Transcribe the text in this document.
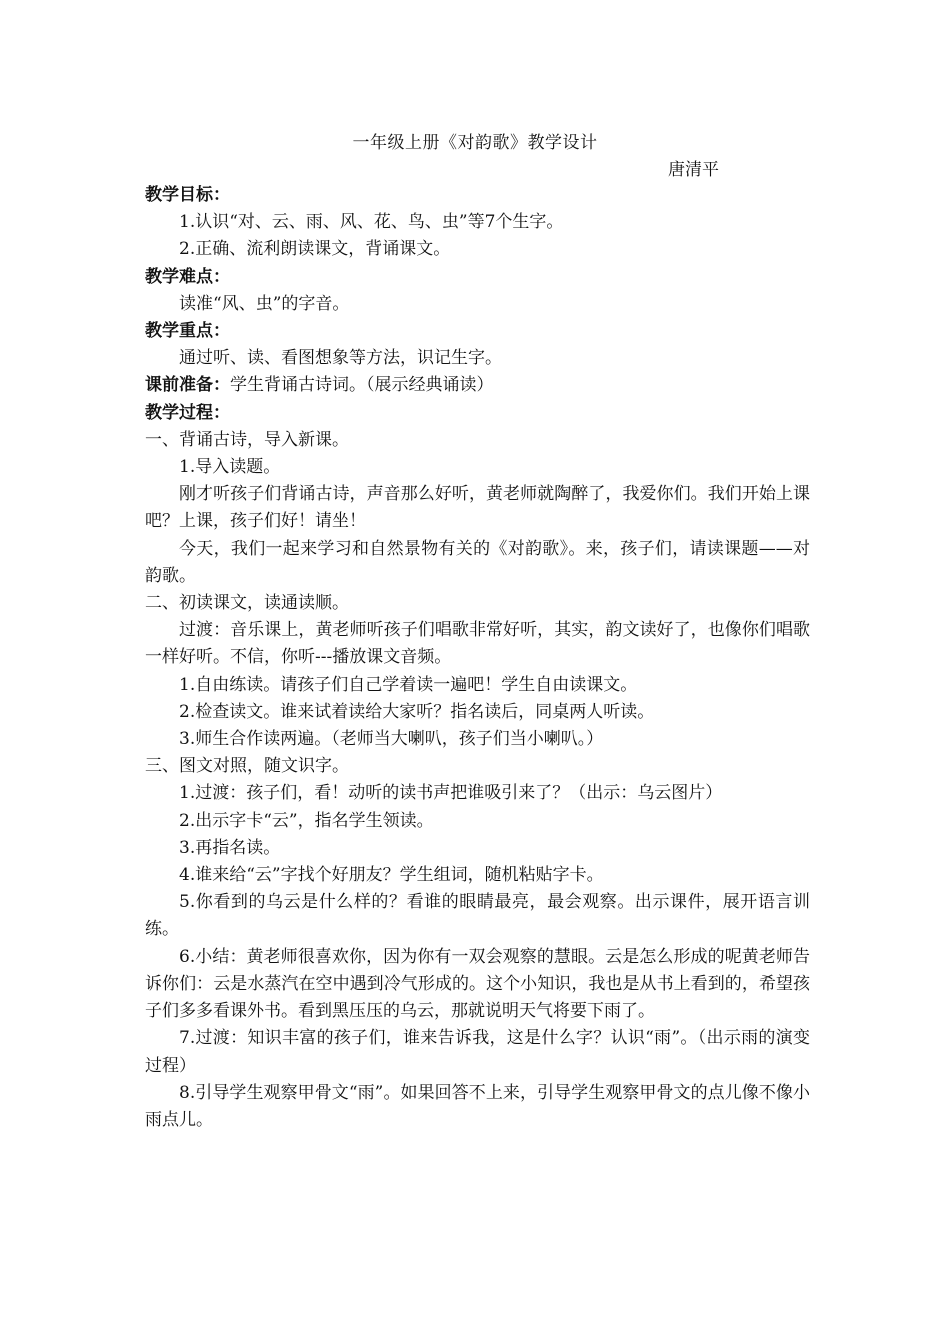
一年级上册《对韵歌》教学设计
唐清平

教学目标：

1.认识“对、云、雨、风、花、鸟、虫”等7个生字。

2.正确、流利朗读课文，背诵课文。

教学难点：

读准“风、虫”的字音。

教学重点：

通过听、读、看图想象等方法，识记生字。

课前准备：学生背诵古诗词。（展示经典诵读）

教学过程：

一、背诵古诗，导入新课。

1.导入读题。

刚才听孩子们背诵古诗，声音那么好听，黄老师就陶醉了，我爱你们。我们开始上课吧？上课，孩子们好！请坐！

今天，我们一起来学习和自然景物有关的《对韵歌》。来，孩子们，请读课题——对韵歌。

二、初读课文，读通读顺。

过渡：音乐课上，黄老师听孩子们唱歌非常好听，其实，韵文读好了，也像你们唱歌一样好听。不信，你听---播放课文音频。

1.自由练读。请孩子们自己学着读一遍吧！学生自由读课文。

2.检查读文。谁来试着读给大家听？指名读后，同桌两人听读。

3.师生合作读两遍。（老师当大喇叭，孩子们当小喇叭。）

三、图文对照，随文识字。

1.过渡：孩子们，看！动听的读书声把谁吸引来了？（出示：乌云图片）

2.出示字卡“云”，指名学生领读。

3.再指名读。

4.谁来给“云”字找个好朋友？学生组词，随机粘贴字卡。

5.你看到的乌云是什么样的？看谁的眼睛最亮，最会观察。出示课件，展开语言训练。

6.小结：黄老师很喜欢你，因为你有一双会观察的慧眼。云是怎么形成的呢黄老师告诉你们：云是水蒸汽在空中遇到冷气形成的。这个小知识，我也是从书上看到的，希望孩子们多多看课外书。看到黑压压的乌云，那就说明天气将要下雨了。

7.过渡：知识丰富的孩子们，谁来告诉我，这是什么字？认识“雨”。（出示雨的演变过程）

8.引导学生观察甲骨文“雨”。如果回答不上来，引导学生观察甲骨文的点儿像不像小雨点儿。
